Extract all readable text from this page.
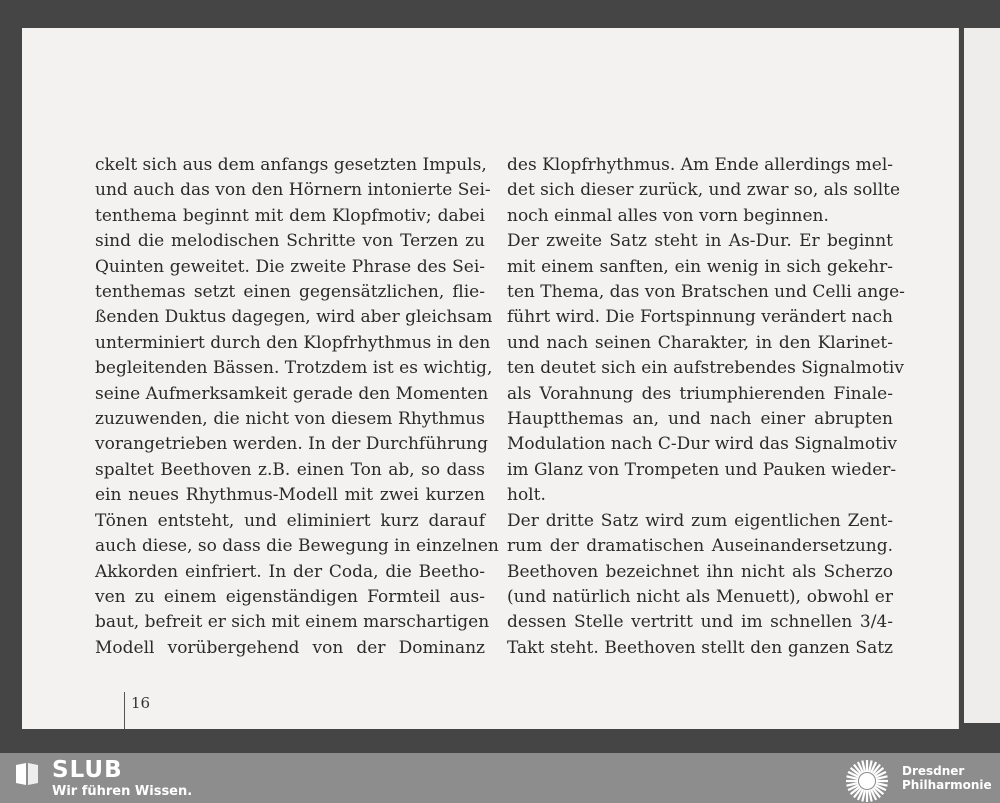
ckelt sich aus dem anfangs gesetzten Impuls,
und auch das von den Hörnern intonierte Sei-
tenthema beginnt mit dem Klopfmotiv; dabei
sind die melodischen Schritte von Terzen zu
Quinten geweitet. Die zweite Phrase des Sei-
tenthemas setzt einen gegensätzlichen, flie-
ßenden Duktus dagegen, wird aber gleichsam
unterminiert durch den Klopfrhythmus in den
begleitenden Bässen. Trotzdem ist es wichtig,
seine Aufmerksamkeit gerade den Momenten
zuzuwenden, die nicht von diesem Rhythmus
vorangetrieben werden. In der Durchführung
spaltet Beethoven z.B. einen Ton ab, so dass
ein neues Rhythmus-Modell mit zwei kurzen
Tönen entsteht, und eliminiert kurz darauf
auch diese, so dass die Bewegung in einzelnen
Akkorden einfriert. In der Coda, die Beetho-
ven zu einem eigenständigen Formteil aus-
baut, befreit er sich mit einem marschartigen
Modell vorübergehend von der Dominanz
des Klopfrhythmus. Am Ende allerdings mel-
det sich dieser zurück, und zwar so, als sollte
noch einmal alles von vorn beginnen.
Der zweite Satz steht in As-Dur. Er beginnt
mit einem sanften, ein wenig in sich gekehr-
ten Thema, das von Bratschen und Celli ange-
führt wird. Die Fortspinnung verändert nach
und nach seinen Charakter, in den Klarinet-
ten deutet sich ein aufstrebendes Signalmotiv
als Vorahnung des triumphierenden Finale-
Hauptthemas an, und nach einer abrupten
Modulation nach C-Dur wird das Signalmotiv
im Glanz von Trompeten und Pauken wieder-
holt.
Der dritte Satz wird zum eigentlichen Zent-
rum der dramatischen Auseinandersetzung.
Beethoven bezeichnet ihn nicht als Scherzo
(und natürlich nicht als Menuett), obwohl er
dessen Stelle vertritt und im schnellen 3/4-
Takt steht. Beethoven stellt den ganzen Satz
16
SLUB
Wir führen Wissen.
Dresdner
Philharmonie
